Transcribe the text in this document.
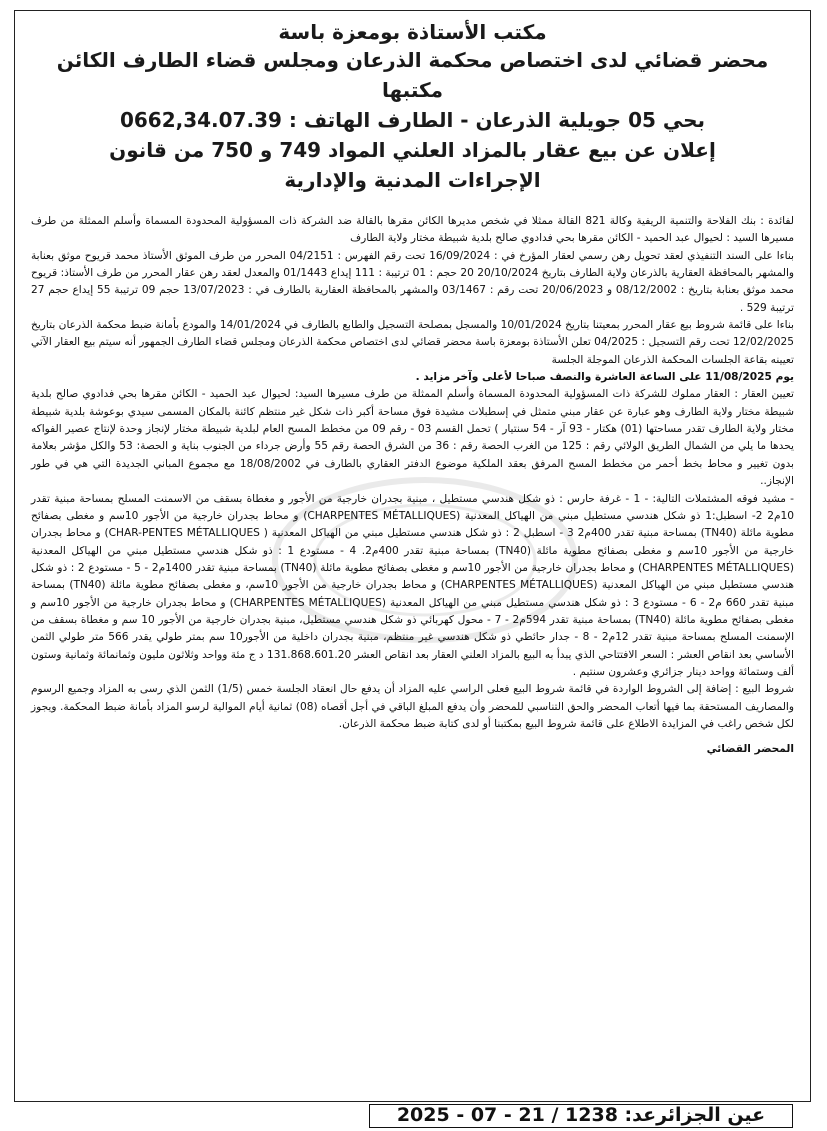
مكتب الأستاذة بومعزة باسة
محضر قضائي لدى اختصاص محكمة الذرعان ومجلس قضاء الطارف الكائن مكتبها
بحي 05 جويلية الذرعان - الطارف الهاتف : 0662,34.07.39
إعلان عن بيع عقار بالمزاد العلني المواد 749 و 750 من قانون
الإجراءات المدنية والإدارية

لفائدة : بنك الفلاحة والتنمية الريفية وكالة 821 القالة ممثلا في شخص مديرها الكائن مقرها بالقالة ضد الشركة ذات المسؤولية المحدودة المسماة وأسلم الممثلة من طرف مسيرها السيد : لحيوال عبد الحميد - الكائن مقرها بحي فدادوي صالح بلدية شبيطة مختار ولاية الطارف

بناءا على السند التنفيذي لعقد تحويل رهن رسمي لعقار المؤرخ في : 16/09/2024 تحت رقم الفهرس : 04/2151 المحرر من طرف الموثق الأستاذ محمد قريوح موثق بعنابة والمشهر بالمحافظة العقارية بالذرعان ولاية الطارف بتاريخ 20/10/2024 20 حجم : 01 ترتيبة : 111 إيداع 01/1443 والمعدل لعقد رهن عقار المحرر من طرف الأستاذ: قريوح محمد موثق بعنابة بتاريخ : 08/12/2002 و 20/06/2023 تحت رقم : 03/1467 والمشهر بالمحافظة العقارية بالطارف في : 13/07/2023 حجم 09 ترتيبة 55 إيداع حجم 27 ترتيبة 529 .

بناءا على قائمة شروط بيع عقار المحرر بمعيتنا بتاريخ 10/01/2024 والمسجل بمصلحة التسجيل والطابع بالطارف في 14/01/2024 والمودع بأمانة ضبط محكمة الذرعان بتاريخ 12/02/2025 تحت رقم التسجيل : 04/2025 تعلن الأستاذة بومعزة باسة محضر قضائي لدى اختصاص محكمة الذرعان ومجلس قضاء الطارف الجمهور أنه سيتم بيع العقار الآتي تعيينه بقاعة الجلسات المحكمة الذرعان الموجلة الجلسة

يوم 11/08/2025 على الساعة العاشرة والنصف صباحا لأعلى وآخر مزايد .

تعيين العقار : العقار مملوك للشركة ذات المسؤولية المحدودة المسماة وأسلم الممثلة من طرف مسيرها السيد: لحيوال عبد الحميد - الكائن مقرها بحي فدادوي صالح بلدية شبيطة مختار ولاية الطارف وهو عبارة عن عقار مبني متمثل في إسطبلات مشيدة فوق مساحة أكبر ذات شكل غير منتظم كائنة بالمكان المسمى سيدي بوعوشة بلدية شبيطة مختار ولاية الطارف تقدر مساحتها (01) هكتار - 93 آر - 54 سنتيار ) تحمل القسم 03 - رقم 09 من مخطط المسح العام لبلدية شبيطة مختار لإنجاز وحدة لإنتاج عصير الفواكه يحدها ما يلي من الشمال الطريق الولائي رقم : 125 من الغرب الحصة رقم : 36 من الشرق الحصة رقم 55 وأرض جرداء من الجنوب بناية و الحصة: 53 والكل مؤشر بعلامة بدون تغيير و محاط بخط أحمر من مخطط المسح المرفق بعقد الملكية موضوع الدفتر العقاري بالطارف في 18/08/2002 مع مجموع المباني الجديدة التي هي في طور الإنجاز..

- مشيد فوقه المشتملات التالية: - 1 - غرفة حارس : ذو شكل هندسي مستطيل ، مبنية بجدران خارجية من الأجور و مغطاة بسقف من الاسمنت المسلح بمساحة مبنية تقدر 10م2 2- اسطبل:1 ذو شكل هندسي مستطيل مبني من الهياكل المعدنية (CHARPENTES MÉTALLIQUES) و محاط بجدران خارجية من الأجور 10سم و مغطى بصفائح مطوية مائلة (TN40) بمساحة مبنية تقدر 400م2 3 - اسطبل 2 : ذو شكل هندسي مستطيل مبني من الهياكل المعدنية ( CHAR-PENTES MÉTALLIQUES) و محاط بجدران خارجية من الأجور 10سم و مغطى بصفائح مطوية مائلة (TN40) بمساحة مبنية تقدر 400م2. 4 - مستودع 1 : ذو شكل هندسي مستطيل مبني من الهياكل المعدنية (CHARPENTES MÉTALLIQUES) و محاط بجدران خارجية من الأجور 10سم و مغطى بصفائح مطوية مائلة (TN40) بمساحة مبنية تقدر 1400م2 - 5 - مستودع 2 : ذو شكل هندسي مستطيل مبني من الهياكل المعدنية (CHARPENTES MÉTALLIQUES) و محاط بجدران خارجية من الأجور 10سم، و مغطى بصفائح مطوية مائلة (TN40) بمساحة مبنية تقدر 660 م2 - 6 - مستودع 3 : ذو شكل هندسي مستطيل مبني من الهياكل المعدنية (CHARPENTES MÉTALLIQUES) و محاط بجدران خارجية من الأجور 10سم و مغطى بصفائح مطوية مائلة (TN40) بمساحة مبنية تقدر 594م2 - 7 - محول كهربائي ذو شكل هندسي مستطيل، مبنية بجدران خارجية من الأجور 10 سم و مغطاة بسقف من الإسمنت المسلح بمساحة مبنية تقدر 12م2 - 8 - جدار حائطي ذو شكل هندسي غير منتظم، مبنية بجدران داخلية من الأجور10 سم بمتر طولي يقدر 566 متر طولي الثمن الأساسي بعد انقاص العشر : السعر الافتتاحي الذي يبدأ به البيع بالمزاد العلني العقار بعد انقاص العشر 131.868.601.20 د ج مئة وواحد وثلاثون مليون وثمانمائة وثمانية وستون ألف وستمائة وواحد دينار جزائري وعشرون سنتيم .

شروط البيع : إضافة إلى الشروط الواردة في قائمة شروط البيع فعلى الراسي عليه المزاد أن يدفع حال انعقاد الجلسة خمس (1/5) الثمن الذي رسى به المزاد وجميع الرسوم والمصاريف المستحقة بما فيها أتعاب المحضر والحق التناسبي للمحضر وأن يدفع المبلغ الباقي في أجل أقصاه (08) ثمانية أيام الموالية لرسو المزاد بأمانة ضبط المحكمة. ويجوز لكل شخص راغب في المزايدة الاطلاع على قائمة شروط البيع بمكتبنا أو لدى كتابة ضبط محكمة الذرعان.

المحضر القضائي
عين الجزائرعد: 1238 / 21 - 07 - 2025
